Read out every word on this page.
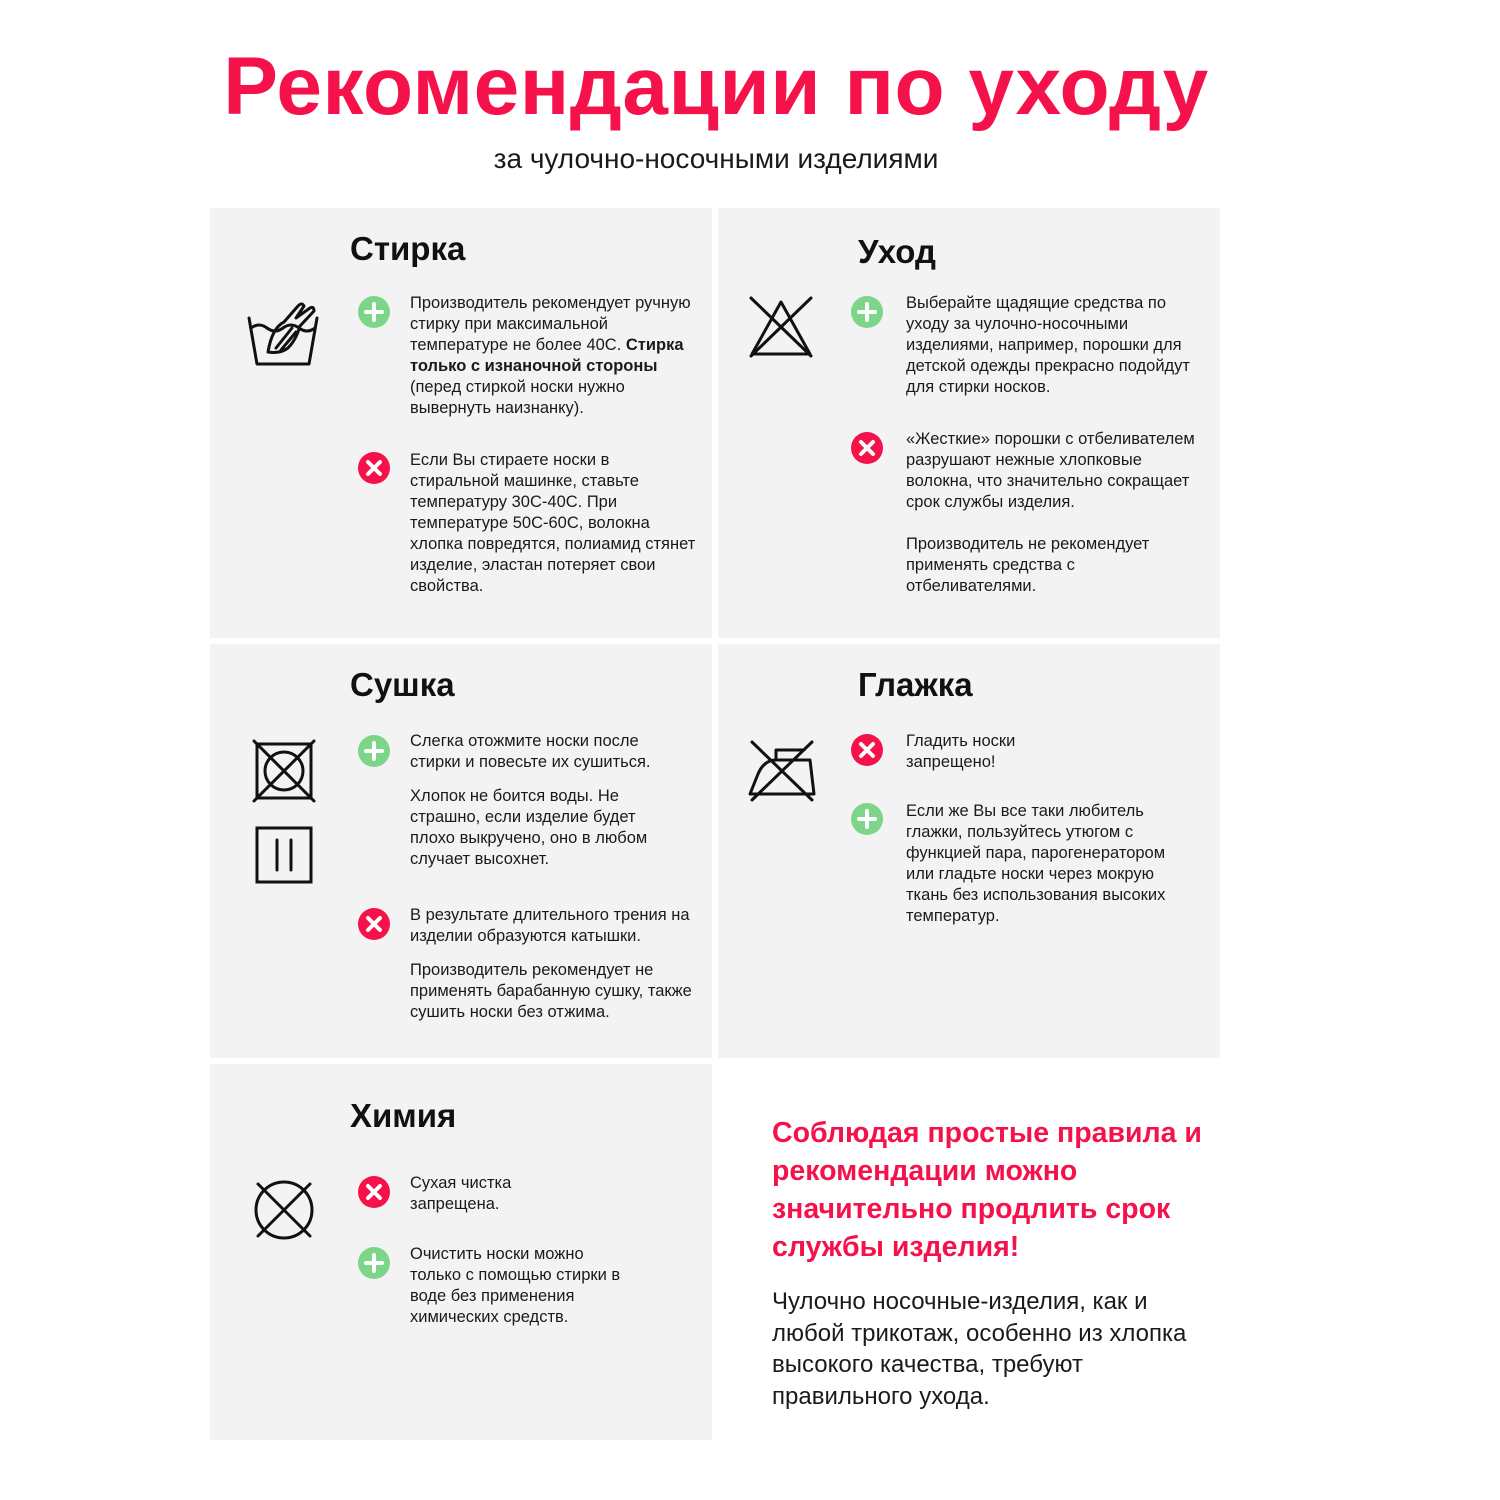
Рекомендации по уходу

за чулочно-носочными изделиями

Стирка

Производитель рекомендует ручную стирку при максимальной температуре не более 40С. Стирка только с изнаночной стороны (перед стиркой носки нужно вывернуть наизнанку).

Если Вы стираете носки в стиральной машинке, ставьте температуру 30С-40С. При температуре 50С-60С, волокна хлопка повредятся, полиамид стянет изделие, эластан потеряет свои свойства.

Уход

Выберайте щадящие средства по уходу за чулочно-носочными изделиями, например, порошки для детской одежды прекрасно подойдут для стирки носков.

«Жесткие» порошки с отбеливателем разрушают нежные хлопковые волокна, что значительно сокращает срок службы изделия.

Производитель не рекомендует применять средства с отбеливателями.

Сушка

Слегка отожмите носки после стирки и повесьте их сушиться.

Хлопок не боится воды. Не страшно, если изделие будет плохо выкручено, оно в любом случает высохнет.

В результате длительного трения на изделии образуются катышки.

Производитель рекомендует не применять барабанную сушку, также сушить носки без отжима.

Глажка

Гладить носки запрещено!

Если же Вы все таки любитель глажки, пользуйтесь утюгом с функцией пара, парогенератором или гладьте носки через мокрую ткань без использования высоких температур.

Химия

Сухая чистка запрещена.

Очистить носки можно только с помощью стирки в воде без применения химических средств.

Соблюдая простые правила и рекомендации можно значительно продлить срок службы изделия!

Чулочно носочные-изделия, как и любой трикотаж, особенно из хлопка высокого качества, требуют правильного ухода.
